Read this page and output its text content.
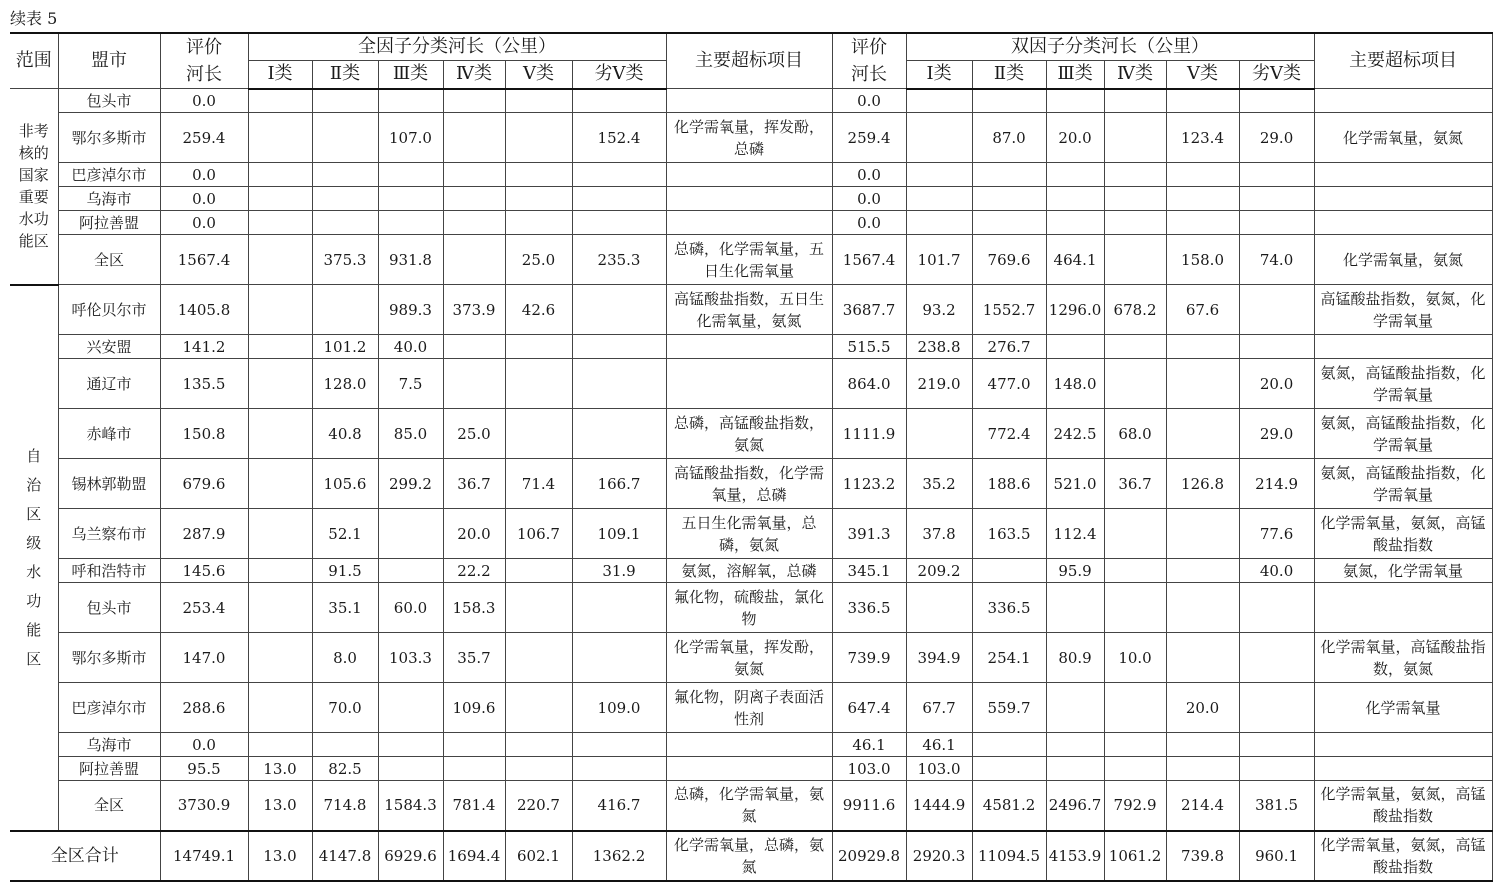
续表 5
范围	盟市	评价河长	全因子分类河长（公里）						主要超标项目	评价河长	双因子分类河长（公里）						主要超标项目
			Ⅰ类	Ⅱ类	Ⅲ类	Ⅳ类	Ⅴ类	劣Ⅴ类			Ⅰ类	Ⅱ类	Ⅲ类	Ⅳ类	Ⅴ类	劣Ⅴ类	
非考核的国家重要水功能区	包头市	0.0								0.0							
	鄂尔多斯市	259.4			107.0			152.4	化学需氧量，挥发酚，总磷	259.4		87.0	20.0		123.4	29.0	化学需氧量，氨氮
	巴彦淖尔市	0.0								0.0							
	乌海市	0.0								0.0							
	阿拉善盟	0.0								0.0							
	全区	1567.4		375.3	931.8		25.0	235.3	总磷，化学需氧量，五日生化需氧量	1567.4	101.7	769.6	464.1		158.0	74.0	化学需氧量，氨氮
自治区级水功能区	呼伦贝尔市	1405.8			989.3	373.9	42.6		高锰酸盐指数，五日生化需氧量，氨氮	3687.7	93.2	1552.7	1296.0	678.2	67.6		高锰酸盐指数，氨氮，化学需氧量
	兴安盟	141.2		101.2	40.0					515.5	238.8	276.7					
	通辽市	135.5		128.0	7.5					864.0	219.0	477.0	148.0			20.0	氨氮，高锰酸盐指数，化学需氧量
	赤峰市	150.8		40.8	85.0	25.0			总磷，高锰酸盐指数，氨氮	1111.9		772.4	242.5	68.0		29.0	氨氮，高锰酸盐指数，化学需氧量
	锡林郭勒盟	679.6		105.6	299.2	36.7	71.4	166.7	高锰酸盐指数，化学需氧量，总磷	1123.2	35.2	188.6	521.0	36.7	126.8	214.9	氨氮，高锰酸盐指数，化学需氧量
	乌兰察布市	287.9		52.1		20.0	106.7	109.1	五日生化需氧量，总磷，氨氮	391.3	37.8	163.5	112.4			77.6	化学需氧量，氨氮，高锰酸盐指数
	呼和浩特市	145.6		91.5		22.2		31.9	氨氮，溶解氧，总磷	345.1	209.2		95.9			40.0	氨氮，化学需氧量
	包头市	253.4		35.1	60.0	158.3			氟化物，硫酸盐，氯化物	336.5		336.5					
	鄂尔多斯市	147.0		8.0	103.3	35.7			化学需氧量，挥发酚，氨氮	739.9	394.9	254.1	80.9	10.0			化学需氧量，高锰酸盐指数，氨氮
	巴彦淖尔市	288.6		70.0		109.6		109.0	氟化物，阴离子表面活性剂	647.4	67.7	559.7			20.0		化学需氧量
	乌海市	0.0								46.1	46.1						
	阿拉善盟	95.5	13.0	82.5						103.0	103.0						
	全区	3730.9	13.0	714.8	1584.3	781.4	220.7	416.7	总磷，化学需氧量，氨氮	9911.6	1444.9	4581.2	2496.7	792.9	214.4	381.5	化学需氧量，氨氮，高锰酸盐指数
全区合计		14749.1	13.0	4147.8	6929.6	1694.4	602.1	1362.2	化学需氧量，总磷，氨氮	20929.8	2920.3	11094.5	4153.9	1061.2	739.8	960.1	化学需氧量，氨氮，高锰酸盐指数
